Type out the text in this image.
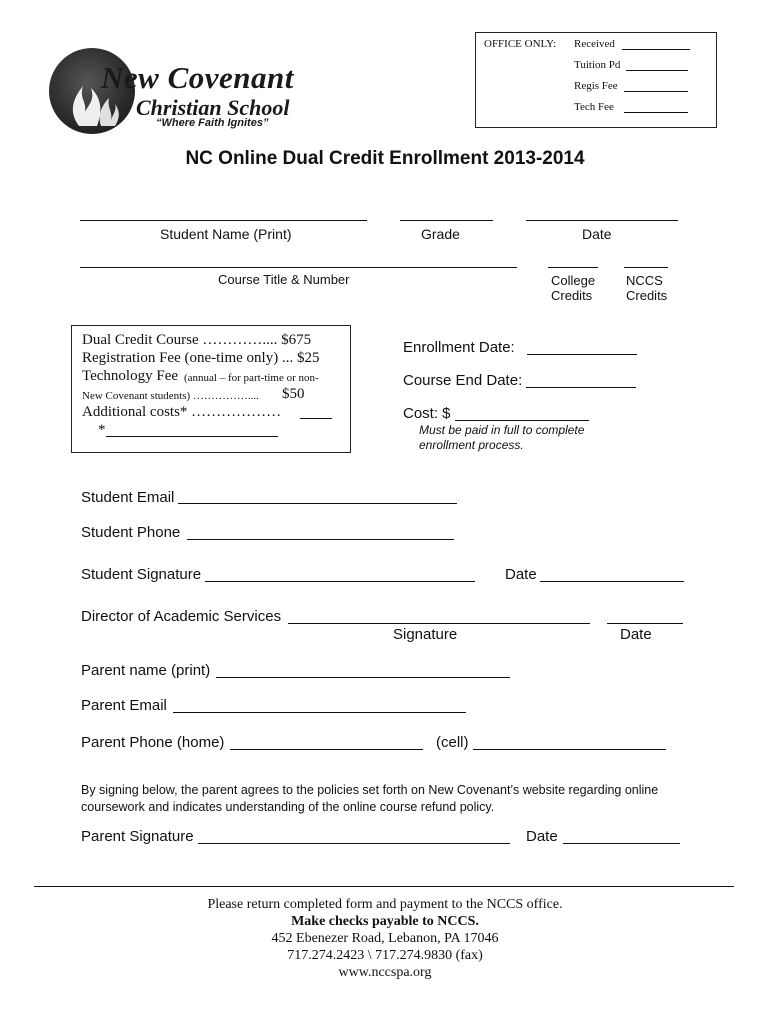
OFFICE ONLY: Received
Tuition Pd
Regis Fee
Tech Fee
New Covenant
Christian School
“Where Faith Ignites”
NC Online Dual Credit Enrollment 2013-2014
Student Name (Print)	Grade	Date
Course Title & Number	College
Credits
NCCS
Credits
Dual Credit Course ………….... $675
Registration Fee (one-time only) ... $25
Technology Fee (annual – for part-time or non-
New Covenant students) …………….... $50
Additional costs* ………………
*
Enrollment Date:
Course End Date:
Cost: $
Must be paid in full to complete
enrollment process.
Student Email
Student Phone
Student Signature	Date
Director of Academic Services
Signature	Date
Parent name (print)
Parent Email
Parent Phone (home)	(cell)
By signing below, the parent agrees to the policies set forth on New Covenant’s website regarding online
coursework and indicates understanding of the online course refund policy.
Parent Signature	Date
Please return completed form and payment to the NCCS office.
Make checks payable to NCCS.
452 Ebenezer Road, Lebanon, PA 17046
717.274.2423 \ 717.274.9830 (fax)
www.nccspa.org
